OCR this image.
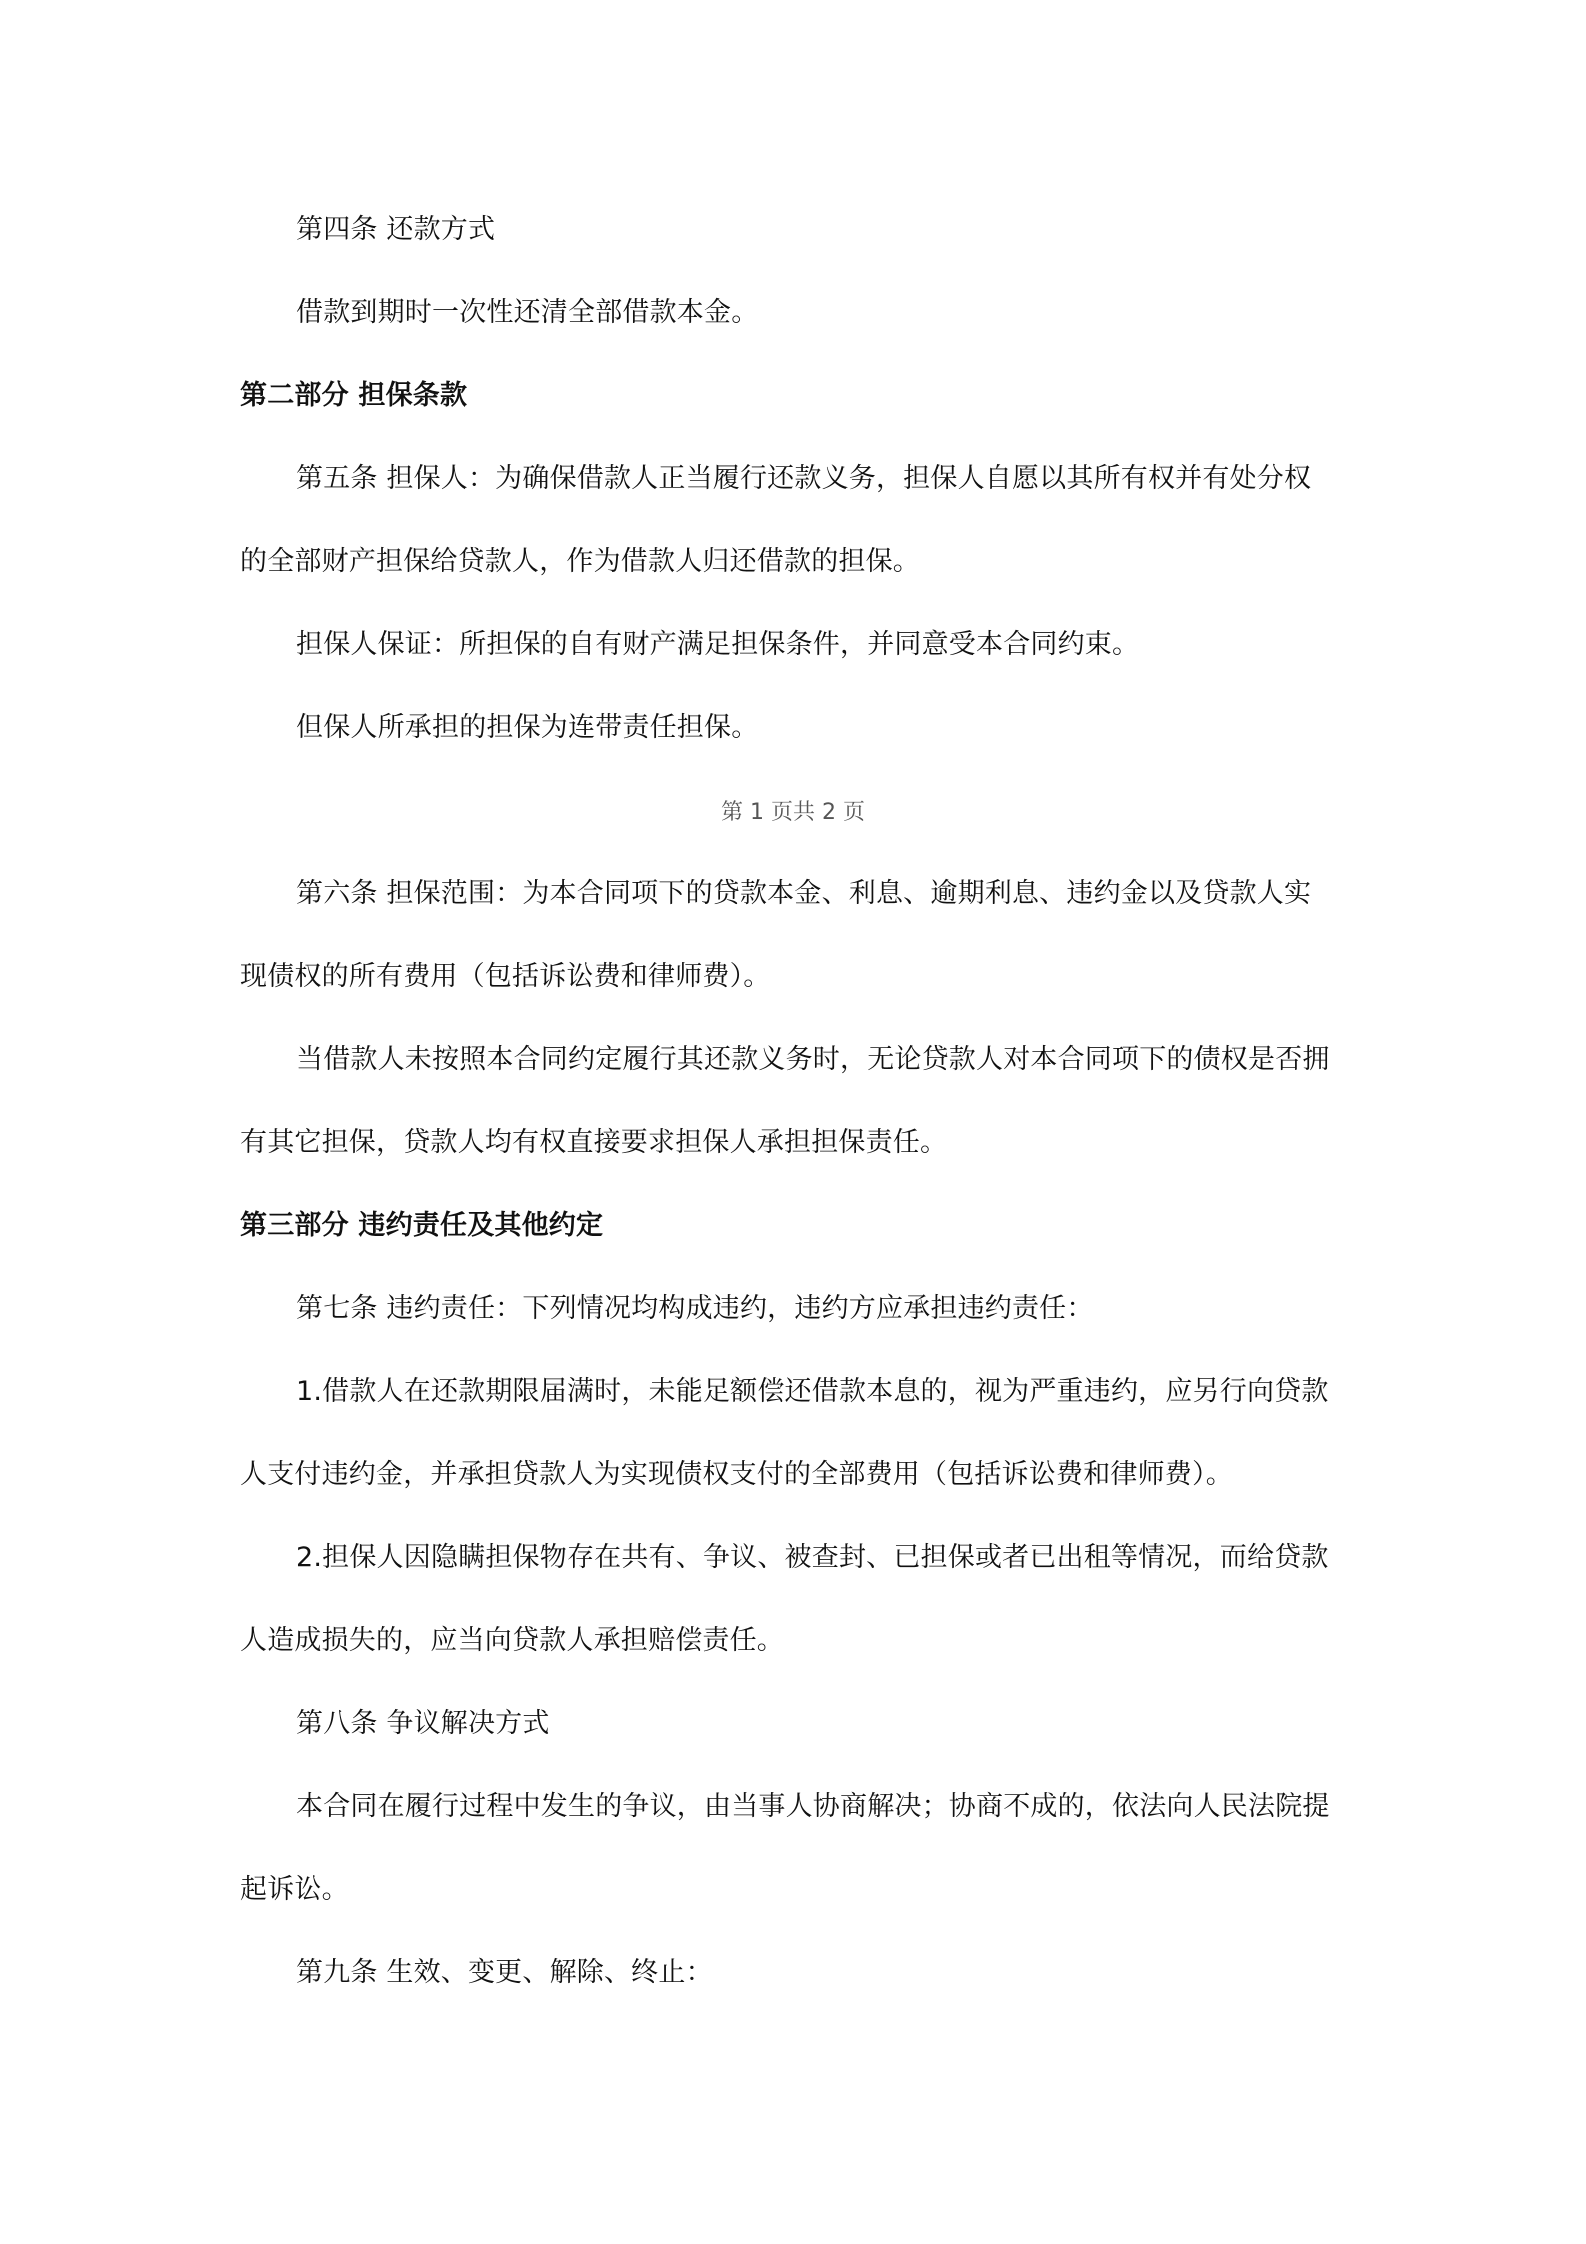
第四条 还款方式
借款到期时一次性还清全部借款本金。
第二部分 担保条款
第五条 担保人：为确保借款人正当履行还款义务，担保人自愿以其所有权并有处分权
的全部财产担保给贷款人，作为借款人归还借款的担保。
担保人保证：所担保的自有财产满足担保条件，并同意受本合同约束。
但保人所承担的担保为连带责任担保。
第 1 页共 2 页
第六条 担保范围：为本合同项下的贷款本金、利息、逾期利息、违约金以及贷款人实
现债权的所有费用（包括诉讼费和律师费）。
当借款人未按照本合同约定履行其还款义务时，无论贷款人对本合同项下的债权是否拥
有其它担保，贷款人均有权直接要求担保人承担担保责任。
第三部分 违约责任及其他约定
第七条 违约责任：下列情况均构成违约，违约方应承担违约责任：
1.借款人在还款期限届满时，未能足额偿还借款本息的，视为严重违约，应另行向贷款
人支付违约金，并承担贷款人为实现债权支付的全部费用（包括诉讼费和律师费）。
2.担保人因隐瞒担保物存在共有、争议、被查封、已担保或者已出租等情况，而给贷款
人造成损失的，应当向贷款人承担赔偿责任。
第八条 争议解决方式
本合同在履行过程中发生的争议，由当事人协商解决；协商不成的，依法向人民法院提
起诉讼。
第九条 生效、变更、解除、终止：
